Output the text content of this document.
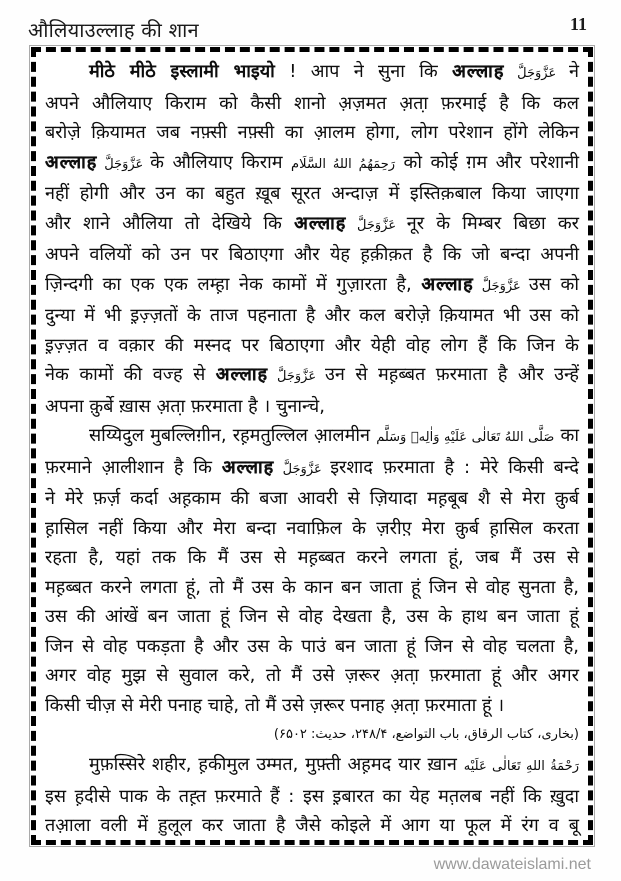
औलियाउल्लाह की शान	11
मीठे मीठे इस्लामी भाइयो ! आप ने सुना कि अल्लाह عَزَّوَجَلَّ ने
अपने औलियाए किराम को कैसी शानो अ़ज़मत अ़ता़ फ़रमाई है कि कल
बरोज़े क़ियामत जब नफ़्सी नफ़्सी का आ़लम होगा, लोग परेशान होंगे लेकिन
अल्लाह عَزَّوَجَلَّ के औलियाए किराम رَحِمَهُمُ اللهُ السَّلَام को कोई ग़म और परेशानी
नहीं होगी और उन का बहुत ख़ूब सूरत अन्दाज़ में इस्तिक़बाल किया जाएगा
और शाने औलिया तो देखिये कि अल्लाह عَزَّوَجَلَّ नूर के मिम्बर बिछा कर
अपने वलियों को उन पर बिठाएगा और येह ह़क़ीक़त है कि जो बन्दा अपनी
ज़िन्दगी का एक एक लम्ह़ा नेक कामों में गुज़ारता है, अल्लाह عَزَّوَجَلَّ उस को
दुन्या में भी इ़ज़्ज़तों के ताज पहनाता है और कल बरोज़े क़ियामत भी उस को
इ़ज़्ज़त व वक़ार की मस्नद पर बिठाएगा और येही वोह लोग हैं कि जिन के
नेक कामों की वज्ह से अल्लाह عَزَّوَجَلَّ उन से मह़ब्बत फ़रमाता है और उन्हें
अपना क़ुर्बे ख़ास अ़ता़ फ़रमाता है । चुनान्चे,
सय्यिदुल मुबल्लिग़ीन, रह़मतुल्लिल आ़लमीन صَلَّى اللهُ تَعَالٰى عَلَيْهِ وَاٰلِهٖ وَسَلَّم का
फ़रमाने आ़लीशान है कि अल्लाह عَزَّوَجَلَّ इरशाद फ़रमाता है : मेरे किसी बन्दे
ने मेरे फ़र्ज़ कर्दा अह़काम की बजा आवरी से ज़ियादा मह़बूब शै से मेरा क़ुर्ब
ह़ासिल नहीं किया और मेरा बन्दा नवाफ़िल के ज़रीए़ मेरा क़ुर्ब ह़ासिल करता
रहता है, यहां तक कि मैं उस से मह़ब्बत करने लगता हूं, जब मैं उस से
मह़ब्बत करने लगता हूं, तो मैं उस के कान बन जाता हूं जिन से वोह सुनता है,
उस की आंखें बन जाता हूं जिन से वोह देखता है, उस के हाथ बन जाता हूं
जिन से वोह पकड़ता है और उस के पाउं बन जाता हूं जिन से वोह चलता है,
अगर वोह मुझ से सुवाल करे, तो मैं उसे ज़रूर अ़ता़ फ़रमाता हूं और अगर
किसी चीज़ से मेरी पनाह चाहे, तो मैं उसे ज़रूर पनाह अ़ता़ फ़रमाता हूं ।
(بخاری، کتاب الرقاق، باب التواضع، ۲۴۸/۴، حدیث: ۶۵۰۲)
मुफ़स्सिरे शहीर, ह़कीमुल उम्मत, मुफ़्ती अह़मद यार ख़ान رَحْمَةُ اللهِ تَعَالٰى عَلَيْه
इस ह़दीसे पाक के तह़्त फ़रमाते हैं : इस इ़बारत का येह मत़लब नहीं कि ख़ुदा
तआ़ला वली में ह़ुलूल कर जाता है जैसे कोइले में आग या फूल में रंग व बू
www.dawateislami.net
